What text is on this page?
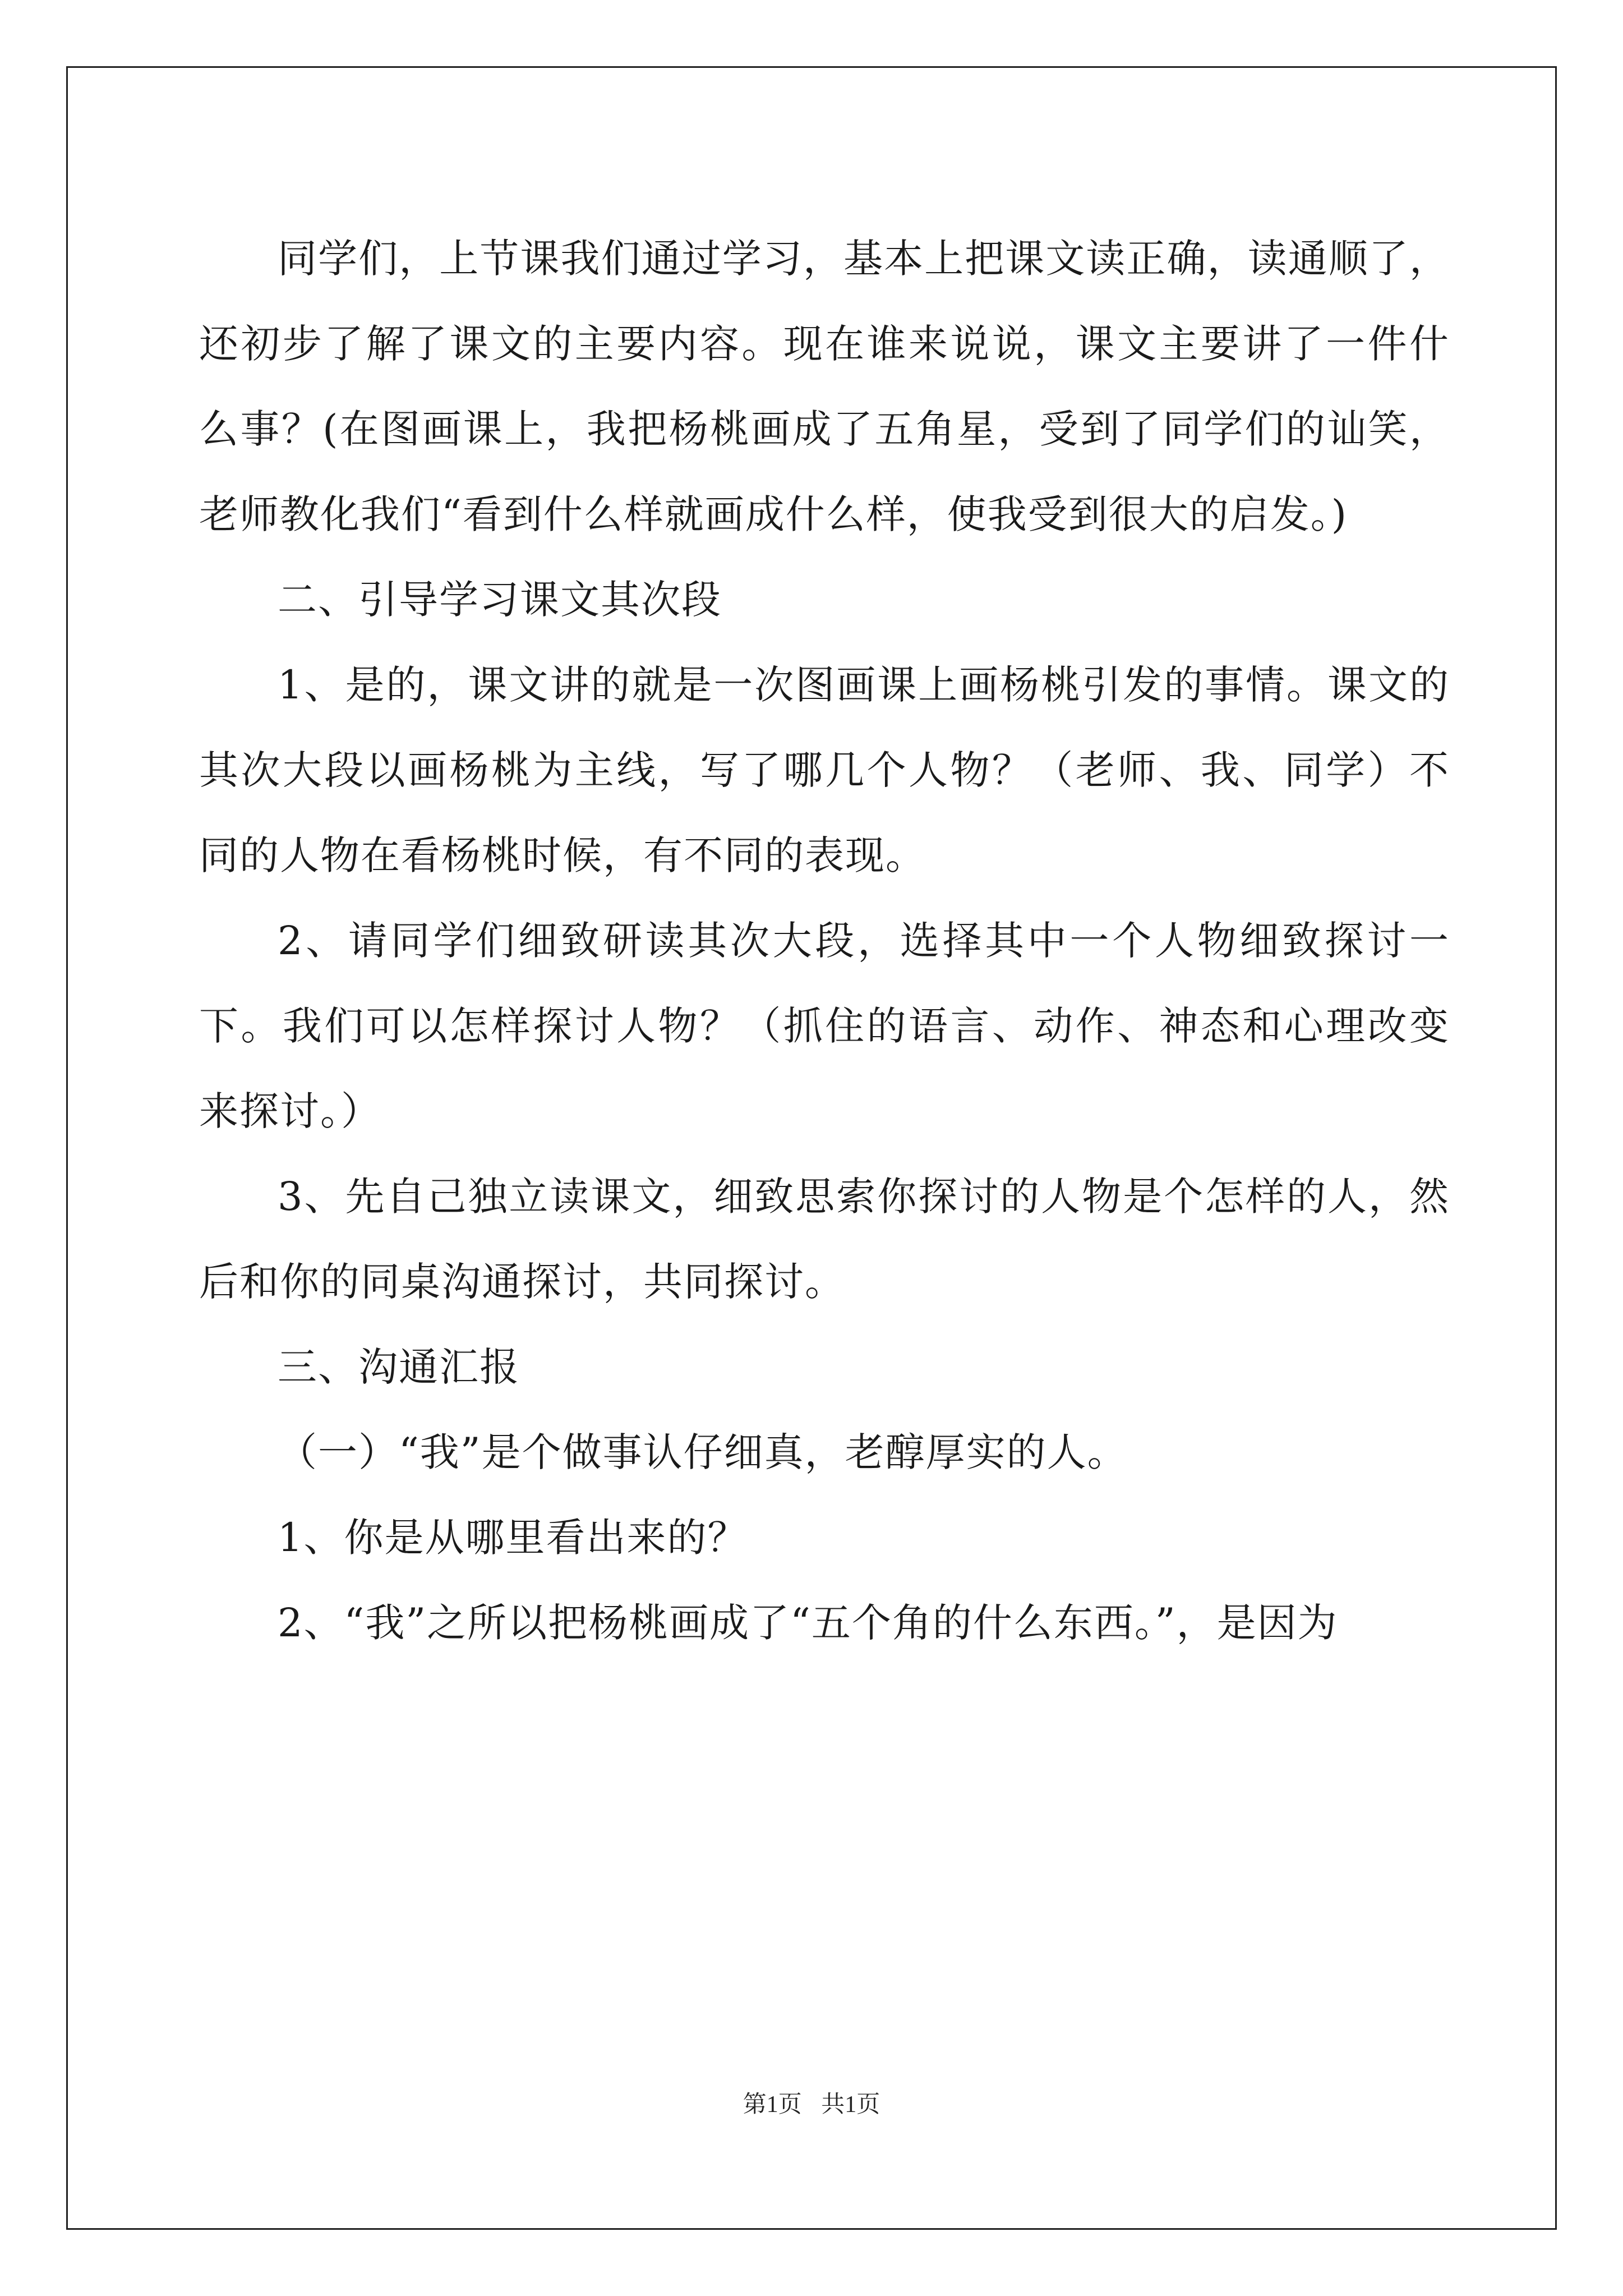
同学们，上节课我们通过学习，基本上把课文读正确，读通顺了，还初步了解了课文的主要内容。现在谁来说说，课文主要讲了一件什么事？(在图画课上，我把杨桃画成了五角星，受到了同学们的讪笑，老师教化我们“看到什么样就画成什么样，使我受到很大的启发。)

二、引导学习课文其次段

1、是的，课文讲的就是一次图画课上画杨桃引发的事情。课文的其次大段以画杨桃为主线，写了哪几个人物？（老师、我、同学）不同的人物在看杨桃时候，有不同的表现。

2、请同学们细致研读其次大段，选择其中一个人物细致探讨一下。我们可以怎样探讨人物？（抓住的语言、动作、神态和心理改变来探讨。）

3、先自己独立读课文，细致思索你探讨的人物是个怎样的人，然后和你的同桌沟通探讨，共同探讨。

三、沟通汇报

（一）“我”是个做事认仔细真，老醇厚实的人。

1、你是从哪里看出来的？

2、“我”之所以把杨桃画成了“五个角的什么东西。”，是因为

第1页 共1页
